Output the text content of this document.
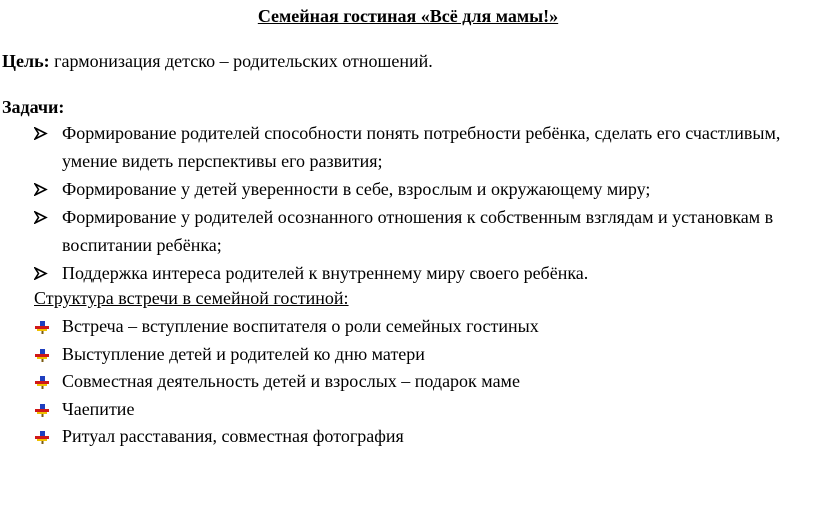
Семейная гостиная «Всё для мамы!»
Цель: гармонизация детско – родительских отношений.
Задачи:
Формирование родителей способности понять потребности ребёнка, сделать его счастливым, умение видеть перспективы его развития;
Формирование у детей уверенности в себе, взрослым и окружающему миру;
Формирование у родителей осознанного отношения к собственным взглядам и установкам в воспитании ребёнка;
Поддержка интереса родителей к внутреннему миру своего ребёнка.
Структура встречи в семейной гостиной:
Встреча – вступление воспитателя о роли семейных гостиных
Выступление детей и родителей ко дню матери
Совместная деятельность детей и взрослых – подарок маме
Чаепитие
Ритуал расставания, совместная фотография
